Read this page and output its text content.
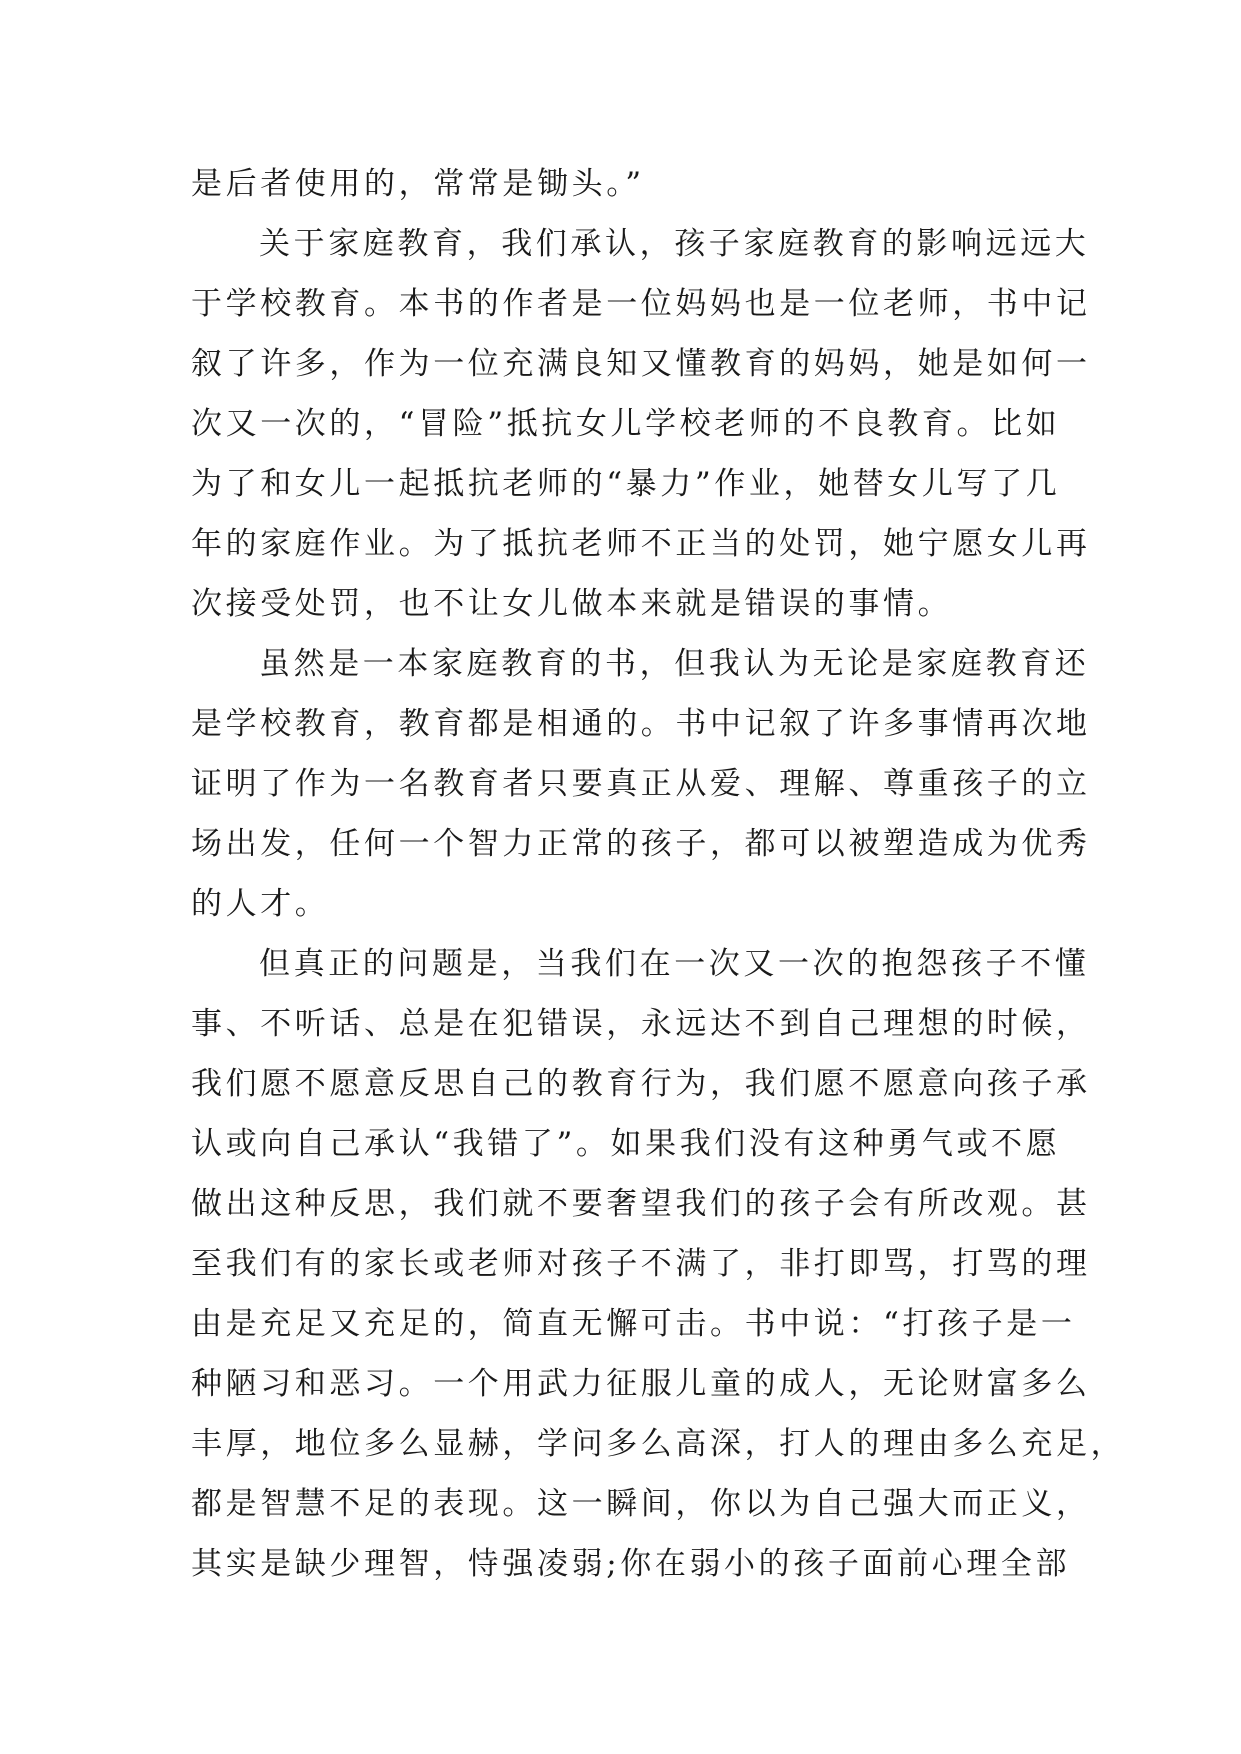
是后者使用的，常常是锄头。”
关于家庭教育，我们承认，孩子家庭教育的影响远远大
于学校教育。本书的作者是一位妈妈也是一位老师，书中记
叙了许多，作为一位充满良知又懂教育的妈妈，她是如何一
次又一次的，“冒险”抵抗女儿学校老师的不良教育。比如
为了和女儿一起抵抗老师的“暴力”作业，她替女儿写了几
年的家庭作业。为了抵抗老师不正当的处罚，她宁愿女儿再
次接受处罚，也不让女儿做本来就是错误的事情。
虽然是一本家庭教育的书，但我认为无论是家庭教育还
是学校教育，教育都是相通的。书中记叙了许多事情再次地
证明了作为一名教育者只要真正从爱、理解、尊重孩子的立
场出发，任何一个智力正常的孩子，都可以被塑造成为优秀
的人才。
但真正的问题是，当我们在一次又一次的抱怨孩子不懂
事、不听话、总是在犯错误，永远达不到自己理想的时候，
我们愿不愿意反思自己的教育行为，我们愿不愿意向孩子承
认或向自己承认“我错了”。如果我们没有这种勇气或不愿
做出这种反思，我们就不要奢望我们的孩子会有所改观。甚
至我们有的家长或老师对孩子不满了，非打即骂，打骂的理
由是充足又充足的，简直无懈可击。书中说：“打孩子是一
种陋习和恶习。一个用武力征服儿童的成人，无论财富多么
丰厚，地位多么显赫，学问多么高深，打人的理由多么充足，
都是智慧不足的表现。这一瞬间，你以为自己强大而正义，
其实是缺少理智，恃强凌弱;你在弱小的孩子面前心理全部
